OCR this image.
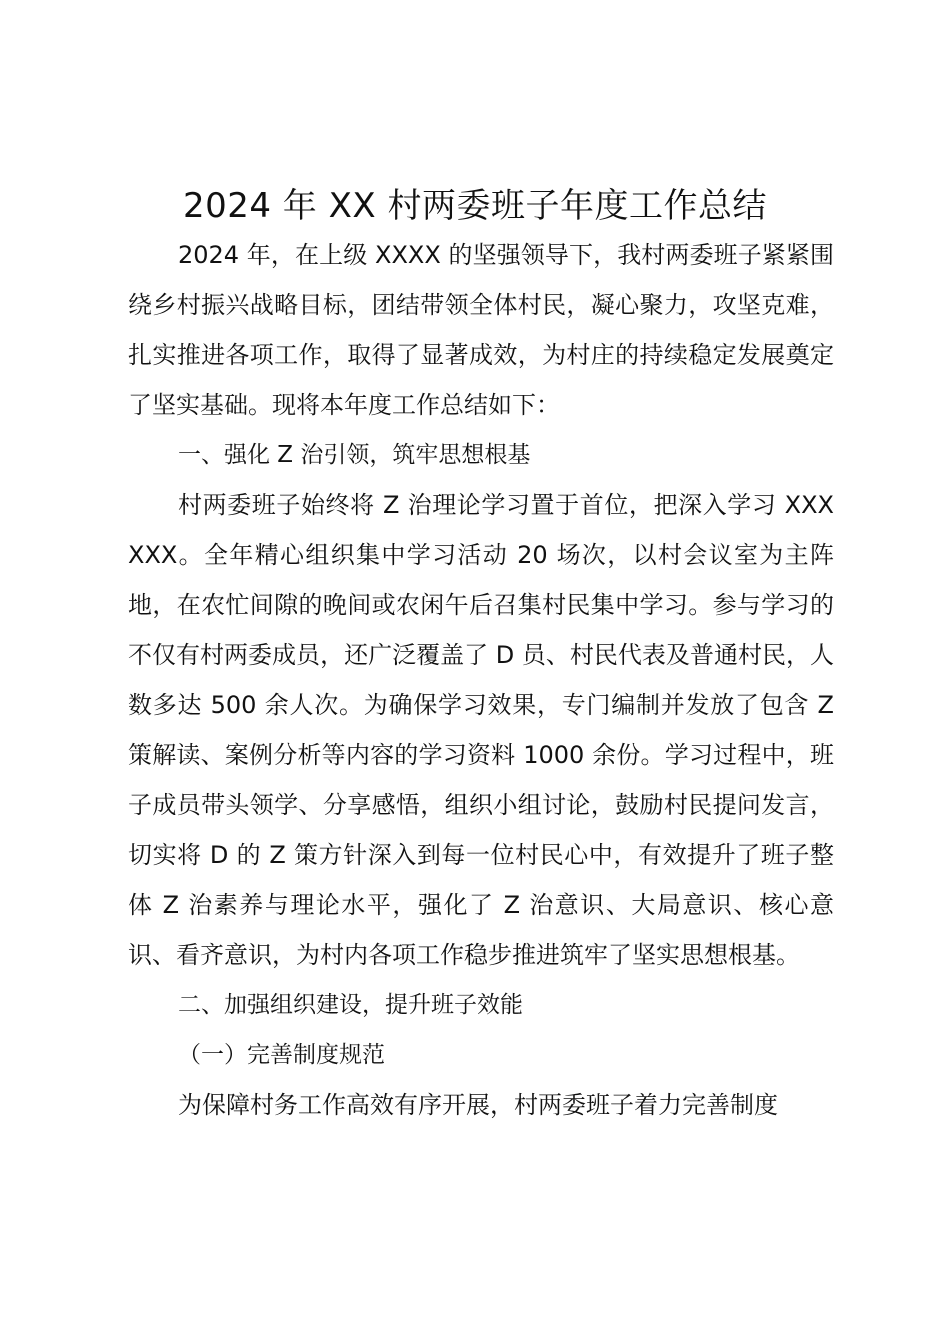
2024 年 XX 村两委班子年度工作总结

2024 年，在上级 XXXX 的坚强领导下，我村两委班子紧紧围绕乡村振兴战略目标，团结带领全体村民，凝心聚力，攻坚克难，扎实推进各项工作，取得了显著成效，为村庄的持续稳定发展奠定了坚实基础。现将本年度工作总结如下：

一、强化 Z 治引领，筑牢思想根基

村两委班子始终将 Z 治理论学习置于首位，把深入学习 XXXXXX。全年精心组织集中学习活动 20 场次，以村会议室为主阵地，在农忙间隙的晚间或农闲午后召集村民集中学习。参与学习的不仅有村两委成员，还广泛覆盖了 D 员、村民代表及普通村民，人数多达 500 余人次。为确保学习效果，专门编制并发放了包含 Z 策解读、案例分析等内容的学习资料 1000 余份。学习过程中，班子成员带头领学、分享感悟，组织小组讨论，鼓励村民提问发言，切实将 D 的 Z 策方针深入到每一位村民心中，有效提升了班子整体 Z 治素养与理论水平，强化了 Z 治意识、大局意识、核心意识、看齐意识，为村内各项工作稳步推进筑牢了坚实思想根基。

二、加强组织建设，提升班子效能

（一）完善制度规范

为保障村务工作高效有序开展，村两委班子着力完善制度
